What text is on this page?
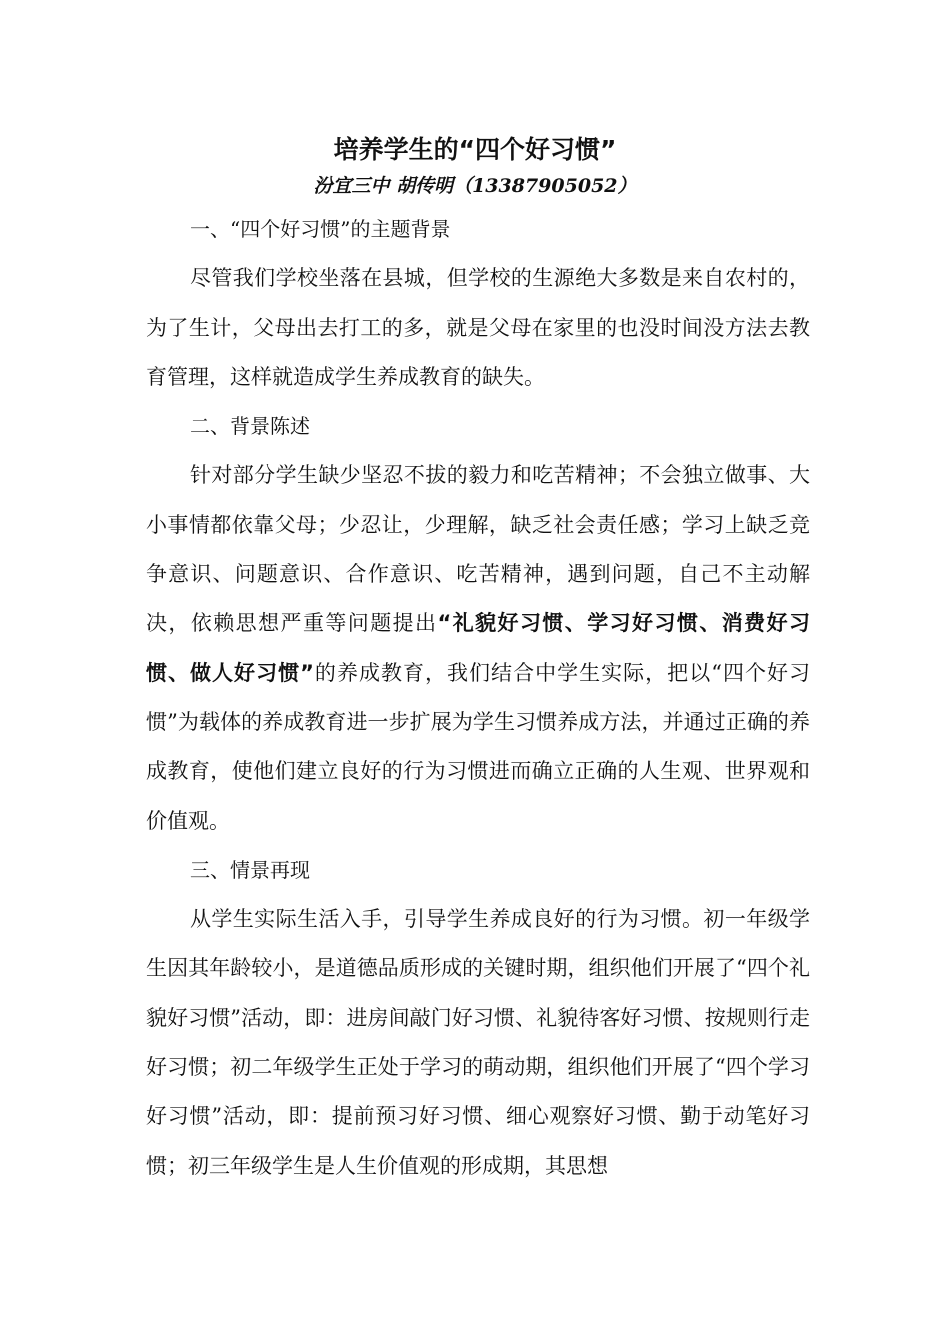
培养学生的“四个好习惯”
汾宜三中 胡传明（13387905052）

一、“四个好习惯”的主题背景

尽管我们学校坐落在县城，但学校的生源绝大多数是来自农村的，为了生计，父母出去打工的多，就是父母在家里的也没时间没方法去教育管理，这样就造成学生养成教育的缺失。

二、背景陈述

针对部分学生缺少坚忍不拔的毅力和吃苦精神；不会独立做事、大小事情都依靠父母；少忍让，少理解，缺乏社会责任感；学习上缺乏竞争意识、问题意识、合作意识、吃苦精神，遇到问题，自己不主动解决，依赖思想严重等问题提出“礼貌好习惯、学习好习惯、消费好习惯、做人好习惯”的养成教育，我们结合中学生实际，把以“四个好习惯”为载体的养成教育进一步扩展为学生习惯养成方法，并通过正确的养成教育，使他们建立良好的行为习惯进而确立正确的人生观、世界观和价值观。

三、情景再现

从学生实际生活入手，引导学生养成良好的行为习惯。初一年级学生因其年龄较小，是道德品质形成的关键时期，组织他们开展了“四个礼貌好习惯”活动，即：进房间敲门好习惯、礼貌待客好习惯、按规则行走好习惯；初二年级学生正处于学习的萌动期，组织他们开展了“四个学习好习惯”活动，即：提前预习好习惯、细心观察好习惯、勤于动笔好习惯；初三年级学生是人生价值观的形成期，其思想
